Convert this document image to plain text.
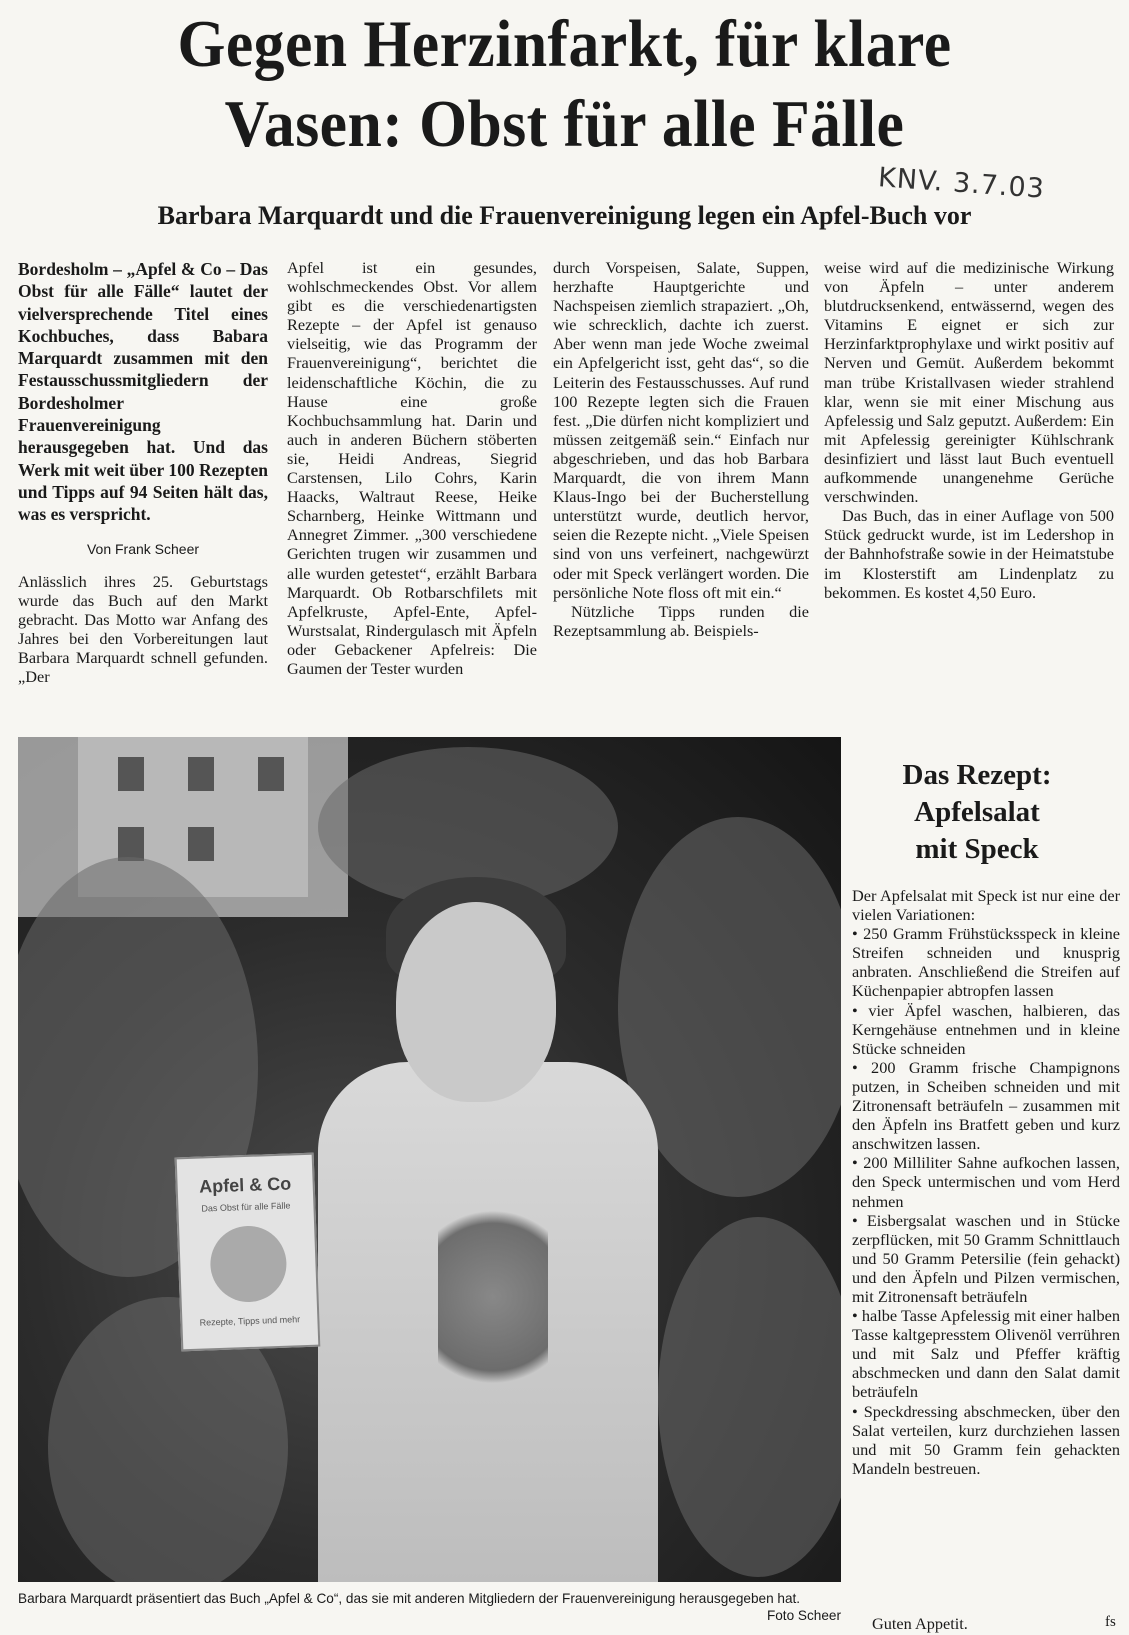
Gegen Herzinfarkt, für klare
Vasen: Obst für alle Fälle
KNV. 3.7.03
Barbara Marquardt und die Frauenvereinigung legen ein Apfel-Buch vor

Bordesholm – „Apfel & Co – Das Obst für alle Fälle“ lautet der vielversprechende Titel eines Kochbuches, dass Babara Marquardt zusammen mit den Festausschussmitgliedern der Bordesholmer Frauenvereinigung herausgegeben hat. Und das Werk mit weit über 100 Rezepten und Tipps auf 94 Seiten hält das, was es verspricht.

Von Frank Scheer

Anlässlich ihres 25. Geburtstags wurde das Buch auf den Markt gebracht. Das Motto war Anfang des Jahres bei den Vorbereitungen laut Barbara Marquardt schnell gefunden. „Der

Apfel ist ein gesundes, wohlschmeckendes Obst. Vor allem gibt es die verschiedenartigsten Rezepte – der Apfel ist genauso vielseitig, wie das Programm der Frauenvereinigung“, berichtet die leidenschaftliche Köchin, die zu Hause eine große Kochbuchsammlung hat. Darin und auch in anderen Büchern stöberten sie, Heidi Andreas, Siegrid Carstensen, Lilo Cohrs, Karin Haacks, Waltraut Reese, Heike Scharnberg, Heinke Wittmann und Annegret Zimmer. „300 verschiedene Gerichten trugen wir zusammen und alle wurden getestet“, erzählt Barbara Marquardt. Ob Rotbarschfilets mit Apfelkruste, Apfel-Ente, Apfel-Wurstsalat, Rindergulasch mit Äpfeln oder Gebackener Apfelreis: Die Gaumen der Tester wurden

durch Vorspeisen, Salate, Suppen, herzhafte Hauptgerichte und Nachspeisen ziemlich strapaziert. „Oh, wie schrecklich, dachte ich zuerst. Aber wenn man jede Woche zweimal ein Apfelgericht isst, geht das“, so die Leiterin des Festausschusses. Auf rund 100 Rezepte legten sich die Frauen fest. „Die dürfen nicht kompliziert und müssen zeitgemäß sein.“ Einfach nur abgeschrieben, und das hob Barbara Marquardt, die von ihrem Mann Klaus-Ingo bei der Bucherstellung unterstützt wurde, deutlich hervor, seien die Rezepte nicht. „Viele Speisen sind von uns verfeinert, nachgewürzt oder mit Speck verlängert worden. Die persönliche Note floss oft mit ein.“

Nützliche Tipps runden die Rezeptsammlung ab. Beispiels-

weise wird auf die medizinische Wirkung von Äpfeln – unter anderem blutdrucksenkend, entwässernd, wegen des Vitamins E eignet er sich zur Herzinfarktprophylaxe und wirkt positiv auf Nerven und Gemüt. Außerdem bekommt man trübe Kristallvasen wieder strahlend klar, wenn sie mit einer Mischung aus Apfelessig und Salz geputzt. Außerdem: Ein mit Apfelessig gereinigter Kühlschrank desinfiziert und lässt laut Buch eventuell aufkommende unangenehme Gerüche verschwinden.

Das Buch, das in einer Auflage von 500 Stück gedruckt wurde, ist im Ledershop in der Bahnhofstraße sowie in der Heimatstube im Klosterstift am Lindenplatz zu bekommen. Es kostet 4,50 Euro.

Apfel & Co
Das Obst für alle Fälle
Rezepte, Tipps und mehr
Barbara Marquardt präsentiert das Buch „Apfel & Co“, das sie mit anderen Mitgliedern der Frauenvereinigung herausgegeben hat.
Foto Scheer
Das Rezept:
Apfelsalat
mit Speck

Der Apfelsalat mit Speck ist nur eine der vielen Variationen:

• 250 Gramm Frühstücksspeck in kleine Streifen schneiden und knusprig anbraten. Anschließend die Streifen auf Küchenpapier abtropfen lassen

• vier Äpfel waschen, halbieren, das Kerngehäuse entnehmen und in kleine Stücke schneiden

• 200 Gramm frische Champignons putzen, in Scheiben schneiden und mit Zitronensaft beträufeln – zusammen mit den Äpfeln ins Bratfett geben und kurz anschwitzen lassen.

• 200 Milliliter Sahne aufkochen lassen, den Speck untermischen und vom Herd nehmen

• Eisbergsalat waschen und in Stücke zerpflücken, mit 50 Gramm Schnittlauch und 50 Gramm Petersilie (fein gehackt) und den Äpfeln und Pilzen vermischen, mit Zitronensaft beträufeln

• halbe Tasse Apfelessig mit einer halben Tasse kaltgepresstem Olivenöl verrühren und mit Salz und Pfeffer kräftig abschmecken und dann den Salat damit beträufeln

• Speckdressing abschmecken, über den Salat verteilen, kurz durchziehen lassen und mit 50 Gramm fein gehackten Mandeln bestreuen.

Guten Appetit.	fs
